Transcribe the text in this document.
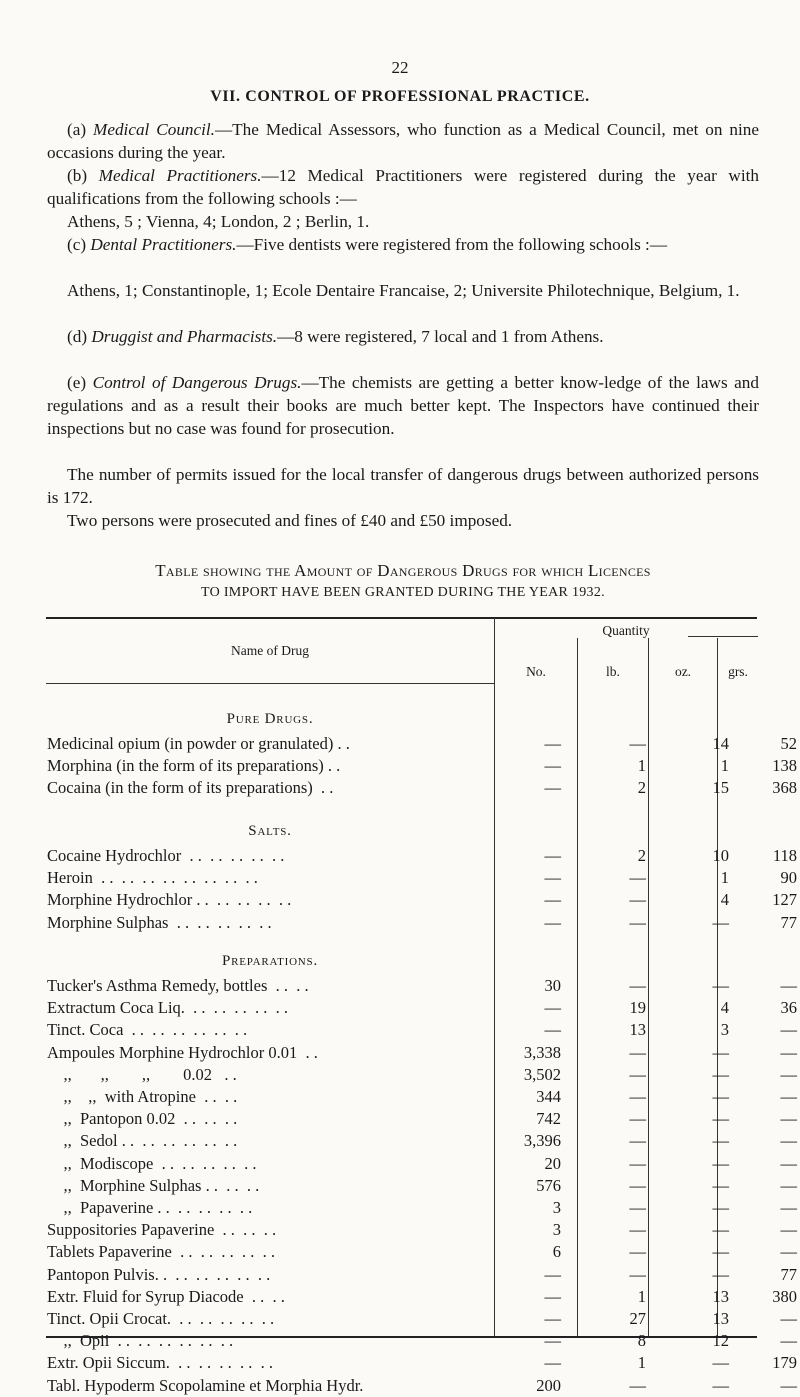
22
VII. CONTROL OF PROFESSIONAL PRACTICE.

(a) Medical Council.—The Medical Assessors, who function as a Medical Council, met on nine occasions during the year.

(b) Medical Practitioners.—12 Medical Practitioners were registered during the year with qualifications from the following schools :—

Athens, 5 ; Vienna, 4; London, 2 ; Berlin, 1.

(c) Dental Practitioners.—Five dentists were registered from the following schools :—

Athens, 1; Constantinople, 1; Ecole Dentaire Francaise, 2; Universite Philotechnique, Belgium, 1.

(d) Druggist and Pharmacists.—8 were registered, 7 local and 1 from Athens.

(e) Control of Dangerous Drugs.—The chemists are getting a better know-ledge of the laws and regulations and as a result their books are much better kept. The Inspectors have continued their inspections but no case was found for prosecution.

The number of permits issued for the local transfer of dangerous drugs between authorized persons is 172.

Two persons were prosecuted and fines of £40 and £50 imposed.

Table showing the Amount of Dangerous Drugs for which Licences
TO IMPORT HAVE BEEN GRANTED DURING THE YEAR 1932.
Name of Drug
Quantity
No.	lb.	oz.	grs.
Pure Drugs.
Medicinal opium (in powder or granulated) . .	—	—	14	52
Morphina (in the form of its preparations) . .	—	1	1	138
Cocaina (in the form of its preparations)  . .	—	2	15	368
Salts.
Cocaine Hydrochlor  . .  . .  . .  . .  . .	—	2	10	118
Heroin  . .  . .  . .  . .  . .  . .  . .  . .	—	—	1	90
Morphine Hydrochlor . .  . .  . .  . .  . .	—	—	4	127
Morphine Sulphas  . .  . .  . .  . .  . .	—	—	—	77
Preparations.
Tucker's Asthma Remedy, bottles  . .  . .	30	—	—	—
Extractum Coca Liq.  . .  . .  . .  . .  . .	—	19	4	36
Tinct. Coca  . .  . .  . .  . .  . .  . .	—	13	3	—
Ampoules Morphine Hydrochlor 0.01  . .	3,338	—	—	—
,,       ,,        ,,        0.02   . .	3,502	—	—	—
,,    ,,  with Atropine  . .  . .	344	—	—	—
,,  Pantopon 0.02  . .  . .  . .	742	—	—	—
,,  Sedol . .  . .  . .  . .  . .  . .	3,396	—	—	—
,,  Modiscope  . .  . .  . .  . .  . .	20	—	—	—
,,  Morphine Sulphas . .  . .  . .	576	—	—	—
,,  Papaverine . .  . .  . .  . .  . .	3	—	—	—
Suppositories Papaverine  . .  . .  . .	3	—	—	—
Tablets Papaverine  . .  . .  . .  . .  . .	6	—	—	—
Pantopon Pulvis. .  . .  . .  . .  . .  . .	—	—	—	77
Extr. Fluid for Syrup Diacode  . .  . .	—	1	13	380
Tinct. Opii Crocat.  . .  . .  . .  . .  . .	—	27	13	—
,,  Opii  . .  . .  . .  . .  . .  . .	—	8	12	—
Extr. Opii Siccum.  . .  . .  . .  . .  . .	—	1	—	179
Tabl. Hypoderm Scopolamine et Morphia Hydr.	200	—	—	—
